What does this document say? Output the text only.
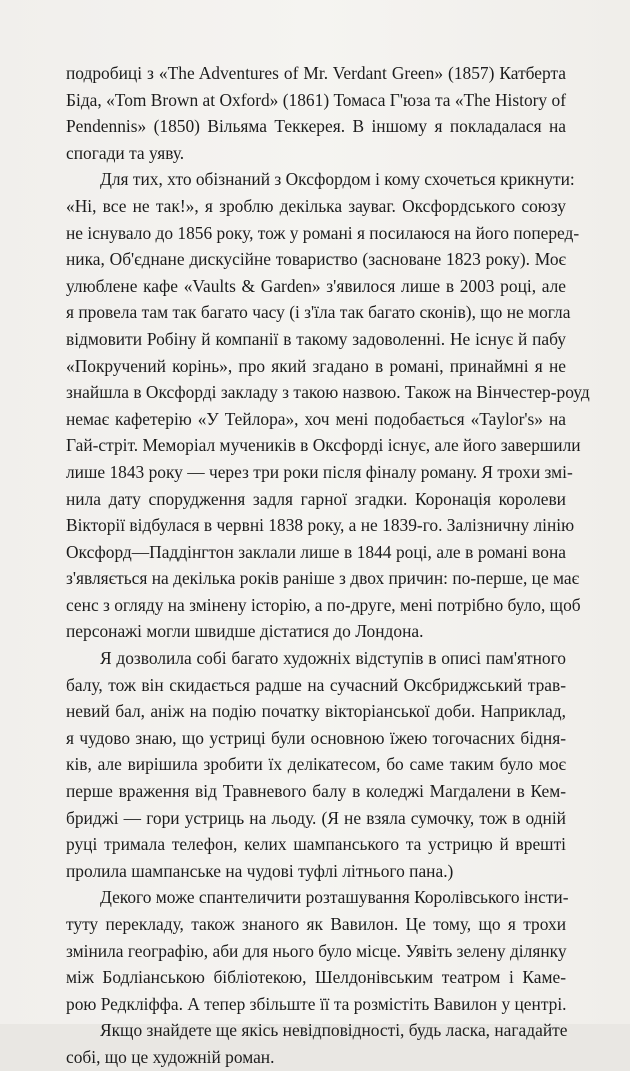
подробиці з «The Adventures of Mr. Verdant Green» (1857) Катберта
Біда, «Tom Brown at Oxford» (1861) Томаса Г'юза та «The History of
Pendennis» (1850) Вільяма Теккерея. В іншому я покладалася на
спогади та уяву.
Для тих, хто обізнаний з Оксфордом і кому схочеться крикнути:
«Ні, все не так!», я зроблю декілька зауваг. Оксфордського союзу
не існувало до 1856 року, тож у романі я посилаюся на його поперед-
ника, Об'єднане дискусійне товариство (засноване 1823 року). Моє
улюблене кафе «Vaults & Garden» з'явилося лише в 2003 році, але
я провела там так багато часу (і з'їла так багато сконів), що не могла
відмовити Робіну й компанії в такому задоволенні. Не існує й пабу
«Покручений корінь», про який згадано в романі, принаймні я не
знайшла в Оксфорді закладу з такою назвою. Також на Вінчестер-роуд
немає кафетерію «У Тейлора», хоч мені подобається «Taylor's» на
Гай-стріт. Меморіал мучеників в Оксфорді існує, але його завершили
лише 1843 року — через три роки після фіналу роману. Я трохи змі-
нила дату спорудження задля гарної згадки. Коронація королеви
Вікторії відбулася в червні 1838 року, а не 1839-го. Залізничну лінію
Оксфорд—Паддінгтон заклали лише в 1844 році, але в романі вона
з'являється на декілька років раніше з двох причин: по-перше, це має
сенс з огляду на змінену історію, а по-друге, мені потрібно було, щоб
персонажі могли швидше дістатися до Лондона.
Я дозволила собі багато художніх відступів в описі пам'ятного
балу, тож він скидається радше на сучасний Оксбриджський трав-
невий бал, аніж на подію початку вікторіанської доби. Наприклад,
я чудово знаю, що устриці були основною їжею тогочасних бідня-
ків, але вирішила зробити їх делікатесом, бо саме таким було моє
перше враження від Травневого балу в коледжі Магдалени в Кем-
бриджі — гори устриць на льоду. (Я не взяла сумочку, тож в одній
руці тримала телефон, келих шампанського та устрицю й врешті
пролила шампанське на чудові туфлі літнього пана.)
Декого може спантеличити розташування Королівського інсти-
туту перекладу, також знаного як Вавилон. Це тому, що я трохи
змінила географію, аби для нього було місце. Уявіть зелену ділянку
між Бодліанською бібліотекою, Шелдонівським театром і Каме-
рою Редкліффа. А тепер збільште її та розмістіть Вавилон у центрі.
Якщо знайдете ще якісь невідповідності, будь ласка, нагадайте
собі, що це художній роман.
